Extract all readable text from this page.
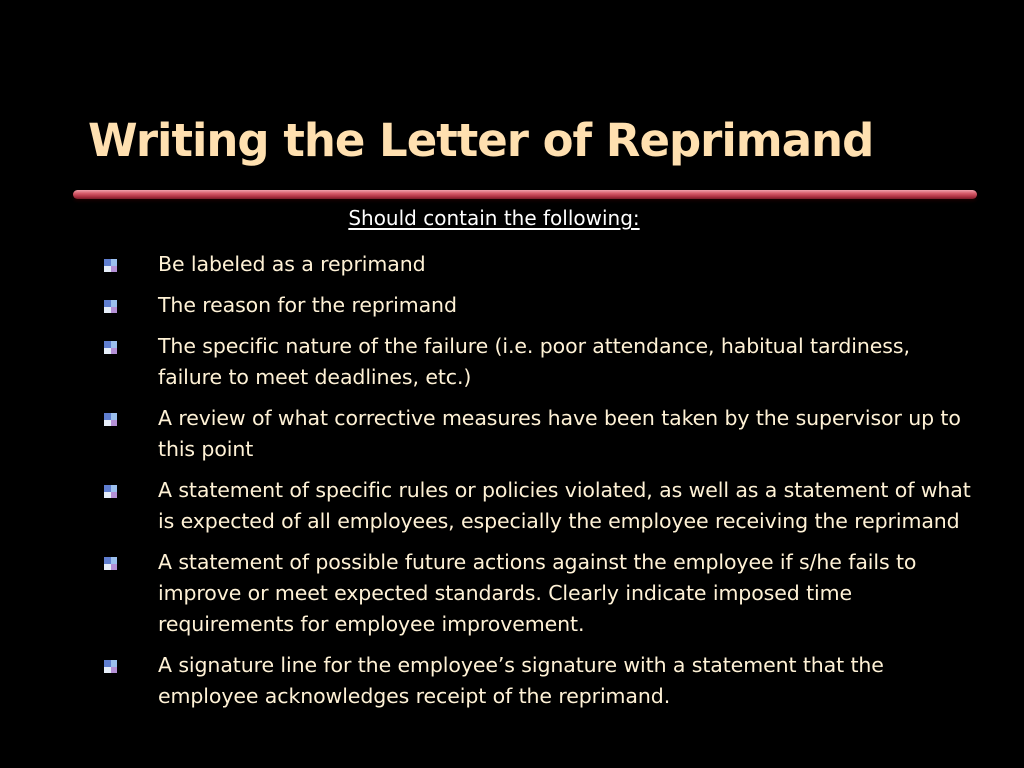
Writing the Letter of Reprimand
Should contain the following:
Be labeled as a reprimand
The reason for the reprimand
The specific nature of the failure (i.e. poor attendance, habitual tardiness, failure to meet deadlines, etc.)
A review of what corrective measures have been taken by the supervisor up to this point
A statement of specific rules or policies violated, as well as a statement of what is expected of all employees, especially the employee receiving the reprimand
A statement of possible future actions against the employee if s/he fails to improve or meet expected standards. Clearly indicate imposed time requirements for employee improvement.
A signature line for the employee’s signature with a statement that the employee acknowledges receipt of the reprimand.
